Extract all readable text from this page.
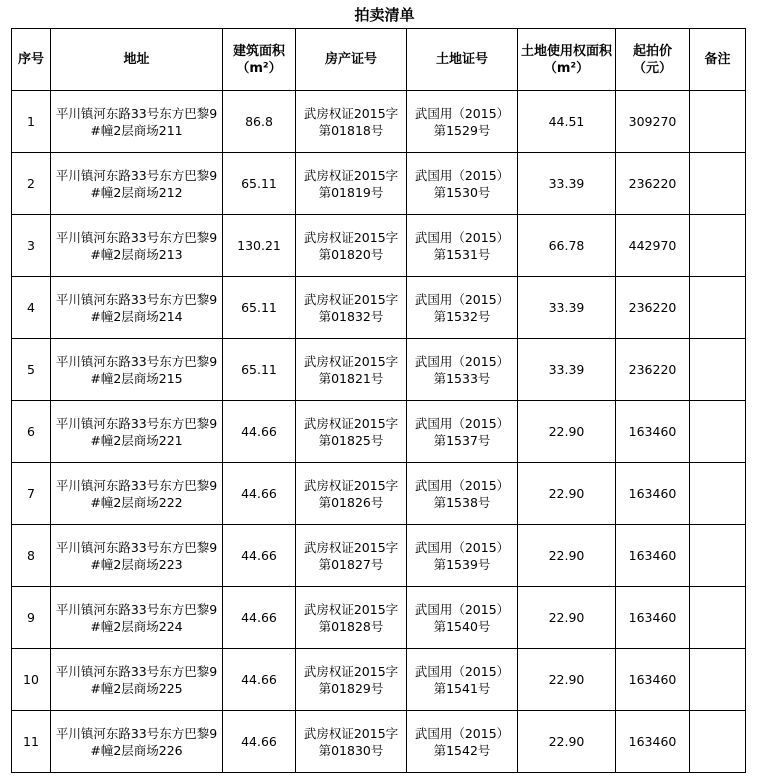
拍卖清单
序号	地址	建筑面积（m²）	房产证号	土地证号	土地使用权面积（m²）	起拍价（元）	备注
1	平川镇河东路33号东方巴黎9#幢2层商场211	86.8	武房权证2015字第01818号	武国用（2015）第1529号	44.51	309270	
2	平川镇河东路33号东方巴黎9#幢2层商场212	65.11	武房权证2015字第01819号	武国用（2015）第1530号	33.39	236220	
3	平川镇河东路33号东方巴黎9#幢2层商场213	130.21	武房权证2015字第01820号	武国用（2015）第1531号	66.78	442970	
4	平川镇河东路33号东方巴黎9#幢2层商场214	65.11	武房权证2015字第01832号	武国用（2015）第1532号	33.39	236220	
5	平川镇河东路33号东方巴黎9#幢2层商场215	65.11	武房权证2015字第01821号	武国用（2015）第1533号	33.39	236220	
6	平川镇河东路33号东方巴黎9#幢2层商场221	44.66	武房权证2015字第01825号	武国用（2015）第1537号	22.90	163460	
7	平川镇河东路33号东方巴黎9#幢2层商场222	44.66	武房权证2015字第01826号	武国用（2015）第1538号	22.90	163460	
8	平川镇河东路33号东方巴黎9#幢2层商场223	44.66	武房权证2015字第01827号	武国用（2015）第1539号	22.90	163460	
9	平川镇河东路33号东方巴黎9#幢2层商场224	44.66	武房权证2015字第01828号	武国用（2015）第1540号	22.90	163460	
10	平川镇河东路33号东方巴黎9#幢2层商场225	44.66	武房权证2015字第01829号	武国用（2015）第1541号	22.90	163460	
11	平川镇河东路33号东方巴黎9#幢2层商场226	44.66	武房权证2015字第01830号	武国用（2015）第1542号	22.90	163460	
